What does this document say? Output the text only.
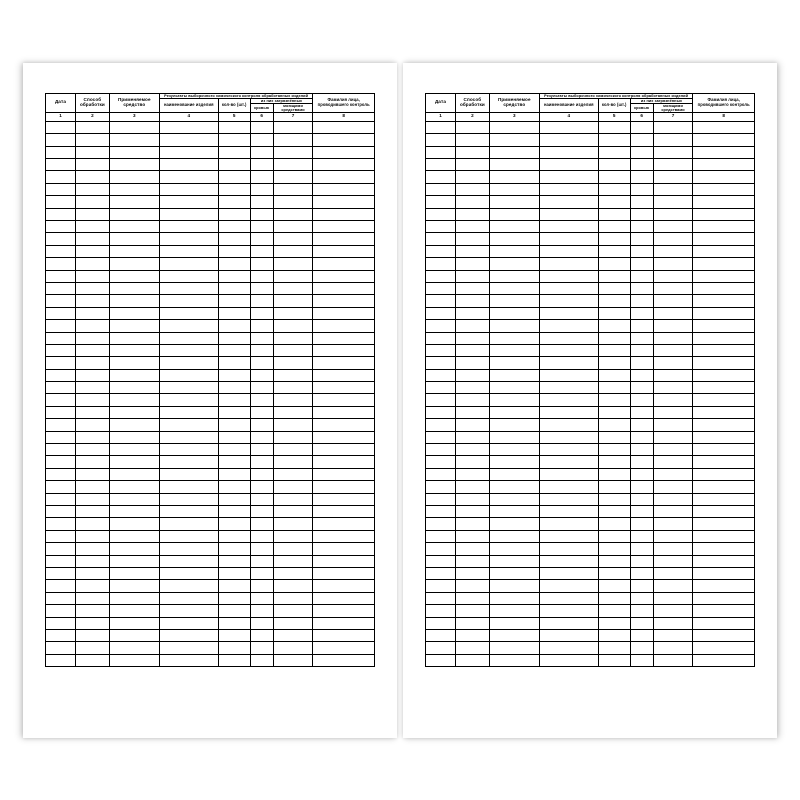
Дата	Способ обработки	Применяемое средство	Результаты выборочного химического контроля обработанных изделий				Фамилия лица, проводившего контроль
			наименование изделия	кол-во (шт.)	из них загрязнённых		
					кровью	моющими средствами	
1	2	3	4	5	6	7	8

Дата	Способ обработки	Применяемое средство	Результаты выборочного химического контроля обработанных изделий				Фамилия лица, проводившего контроль
			наименование изделия	кол-во (шт.)	из них загрязнённых		
					кровью	моющими средствами	
1	2	3	4	5	6	7	8
